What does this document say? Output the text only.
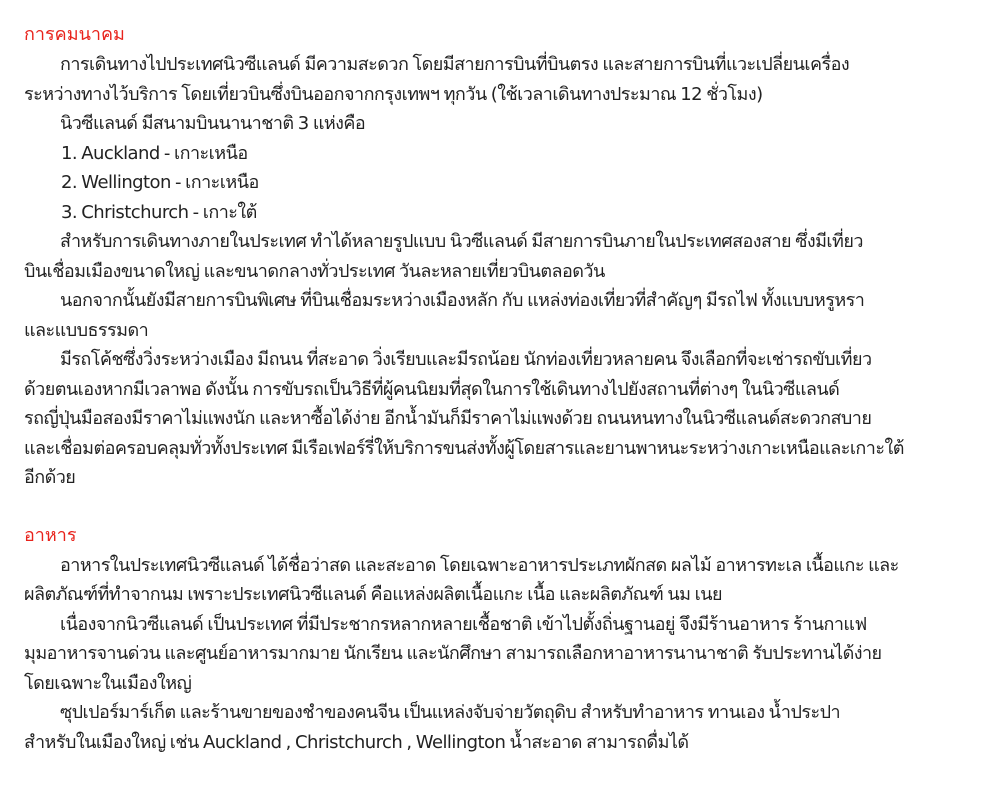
การคมนาคม

การเดินทางไปประเทศนิวซีแลนด์ มีความสะดวก โดยมีสายการบินที่บินตรง และสายการบินที่แวะเปลี่ยนเครื่อง

ระหว่างทางไว้บริการ โดยเที่ยวบินซึ่งบินออกจากกรุงเทพฯ ทุกวัน (ใช้เวลาเดินทางประมาณ 12 ชั่วโมง)

นิวซีแลนด์ มีสนามบินนานาชาติ 3 แห่งคือ

1. Auckland - เกาะเหนือ

2. Wellington - เกาะเหนือ

3. Christchurch - เกาะใต้

สำหรับการเดินทางภายในประเทศ ทำได้หลายรูปแบบ นิวซีแลนด์ มีสายการบินภายในประเทศสองสาย ซึ่งมีเที่ยว

บินเชื่อมเมืองขนาดใหญ่ และขนาดกลางทั่วประเทศ วันละหลายเที่ยวบินตลอดวัน

นอกจากนั้นยังมีสายการบินพิเศษ ที่บินเชื่อมระหว่างเมืองหลัก กับ แหล่งท่องเที่ยวที่สำคัญๆ มีรถไฟ ทั้งแบบหรูหรา

และแบบธรรมดา

มีรถโค้ชซึ่งวิ่งระหว่างเมือง มีถนน ที่สะอาด วิ่งเรียบและมีรถน้อย นักท่องเที่ยวหลายคน จึงเลือกที่จะเช่ารถขับเที่ยว

ด้วยตนเองหากมีเวลาพอ ดังนั้น การขับรถเป็นวิธีที่ผู้คนนิยมที่สุดในการใช้เดินทางไปยังสถานที่ต่างๆ ในนิวซีแลนด์

รถญี่ปุ่นมือสองมีราคาไม่แพงนัก และหาซื้อได้ง่าย อีกน้ำมันก็มีราคาไม่แพงด้วย ถนนหนทางในนิวซีแลนด์สะดวกสบาย

และเชื่อมต่อครอบคลุมทั่วทั้งประเทศ มีเรือเฟอร์รี่ให้บริการขนส่งทั้งผู้โดยสารและยานพาหนะระหว่างเกาะเหนือและเกาะใต้

อีกด้วย

อาหาร

อาหารในประเทศนิวซีแลนด์ ได้ชื่อว่าสด และสะอาด โดยเฉพาะอาหารประเภทผักสด ผลไม้ อาหารทะเล เนื้อแกะ และ

ผลิตภัณฑ์ที่ทำจากนม เพราะประเทศนิวซีแลนด์ คือแหล่งผลิตเนื้อแกะ เนื้อ และผลิตภัณฑ์ นม เนย

เนื่องจากนิวซีแลนด์ เป็นประเทศ ที่มีประชากรหลากหลายเชื้อชาติ เข้าไปตั้งถิ่นฐานอยู่ จึงมีร้านอาหาร ร้านกาแฟ

มุมอาหารจานด่วน และศูนย์อาหารมากมาย นักเรียน และนักศึกษา สามารถเลือกหาอาหารนานาชาติ รับประทานได้ง่าย

โดยเฉพาะในเมืองใหญ่

ซุปเปอร์มาร์เก็ต และร้านขายของชำของคนจีน เป็นแหล่งจับจ่ายวัตถุดิบ สำหรับทำอาหาร ทานเอง น้ำประปา

สำหรับในเมืองใหญ่ เช่น Auckland , Christchurch , Wellington น้ำสะอาด สามารถดื่มได้
